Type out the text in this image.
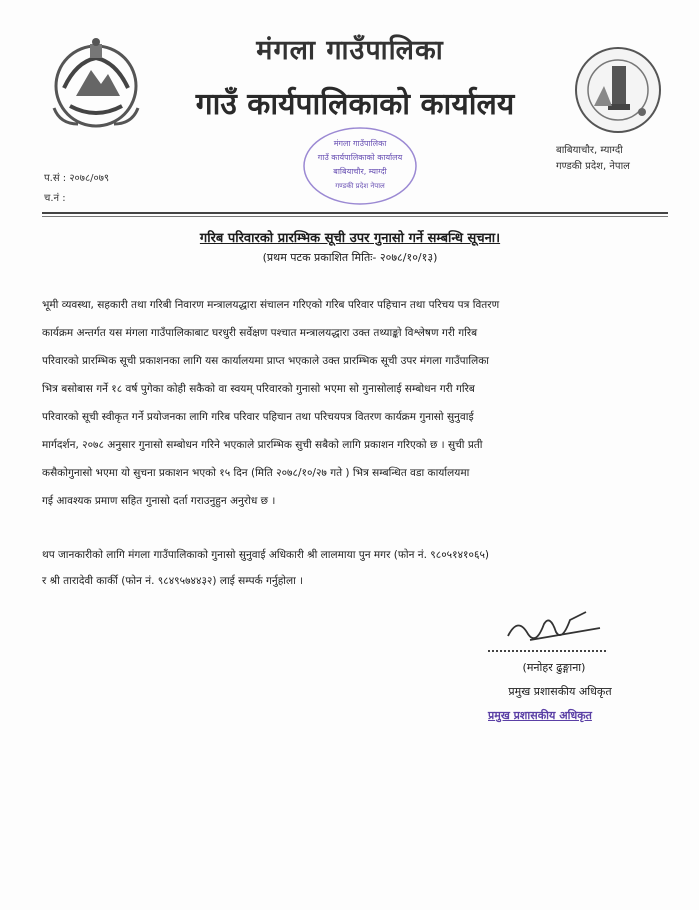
मंगला गाउँपालिका
गाउँ कार्यपालिकाको कार्यालय
बाबियाचौर, म्याग्दी
गण्डकी प्रदेश, नेपाल
प.सं : २०७८/०७९
च.नं :
मंगला गाउँपालिका
गाउँ कार्यपालिकाको कार्यालय
बाबियाचौर, म्याग्दी
गण्डकी प्रदेश नेपाल
गरिब परिवारको प्रारम्भिक सूची उपर गुनासो गर्ने सम्बन्धि सूचना।
(प्रथम पटक प्रकाशित मितिः- २०७८/१०/१३)
भूमी व्यवस्था, सहकारी तथा गरिबी निवारण मन्त्रालयद्धारा संचालन गरिएको गरिब परिवार पहिचान तथा परिचय पत्र वितरण
कार्यक्रम अन्तर्गत यस मंगला गाउँपालिकाबाट घरधुरी सर्वेक्षण पश्चात मन्त्रालयद्धारा उक्त तथ्याङ्को विश्लेषण गरी गरिब
परिवारको प्रारम्भिक सूची प्रकाशनका लागि यस कार्यालयमा प्राप्त भएकाले उक्त प्रारम्भिक सूची उपर मंगला गाउँपालिका
भित्र बसोबास गर्ने १८ वर्ष पुगेका कोही सकैको वा स्वयम् परिवारको गुनासो भएमा सो गुनासोलाई सम्बोधन गरी गरिब
परिवारको सूची स्वीकृत गर्ने प्रयोजनका लागि गरिब परिवार पहिचान तथा परिचयपत्र वितरण कार्यक्रम गुनासो सुनुवाई
मार्गदर्शन, २०७८ अनुसार गुनासो सम्बोधन गरिने भएकाले प्रारम्भिक सुची सबैको लागि प्रकाशन गरिएको छ । सुची प्रती
कसैकोगुनासो भएमा यो सुचना प्रकाशन भएको १५ दिन (मिति २०७८/१०/२७ गते ) भित्र सम्बन्धित वडा कार्यालयमा
गई आवश्यक प्रमाण सहित गुनासो दर्ता गराउनुहुन अनुरोध छ ।
थप जानकारीको लागि मंगला गाउँपालिकाको गुनासो सुनुवाई अधिकारी श्री लालमाया पुन मगर (फोन नं. ९८०५१४१०६५)
र श्री तारादेवी कार्की (फोन नं. ९८४९५७४४३२) लाई सम्पर्क गर्नुहोला ।
(मनोहर ढुङ्गाना)
प्रमुख प्रशासकीय अधिकृत
प्रमुख प्रशासकीय अधिकृत
